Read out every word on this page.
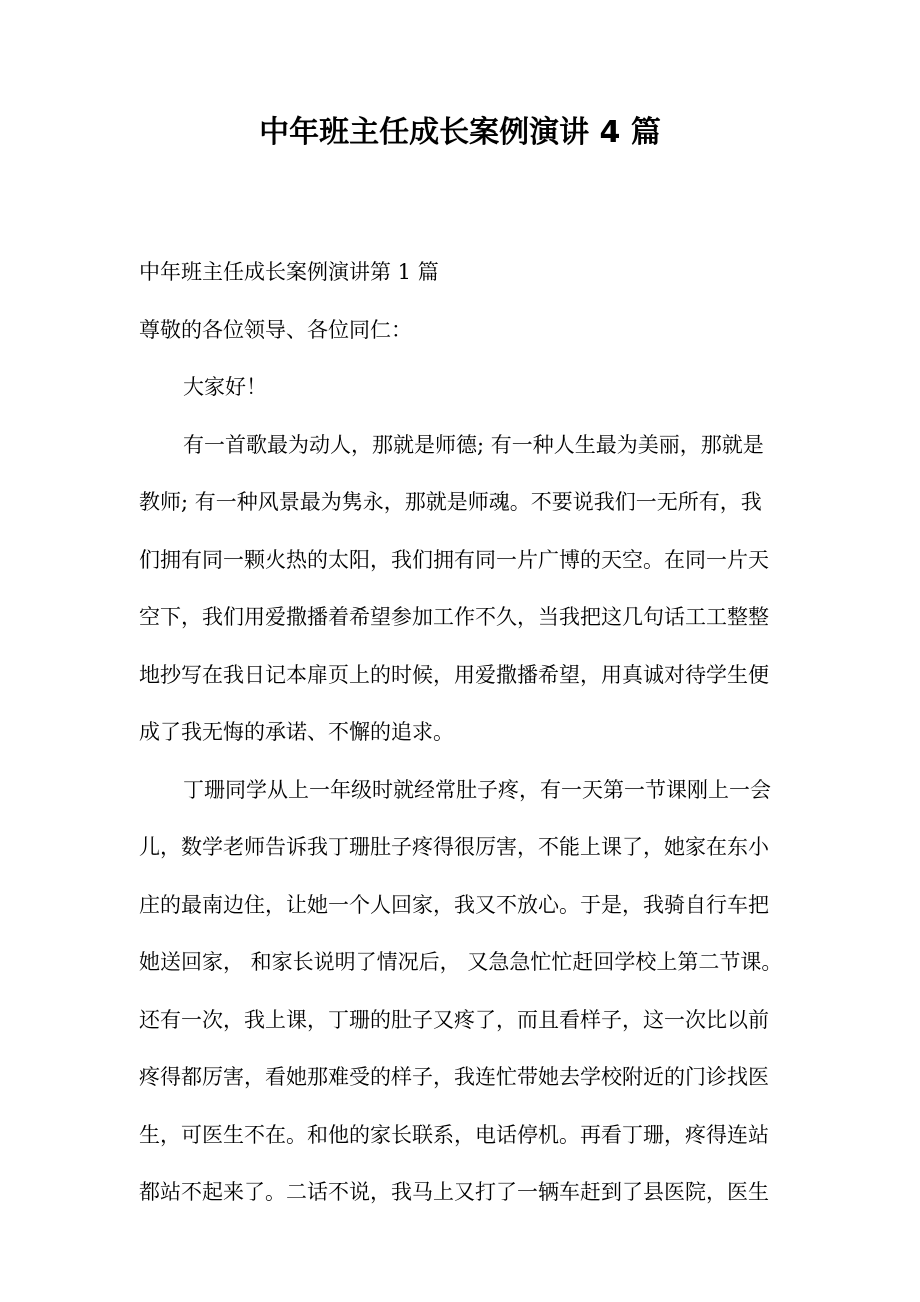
中年班主任成长案例演讲 4 篇
中年班主任成长案例演讲第 1 篇
尊敬的各位领导、各位同仁：
大家好！
有一首歌最为动人，那就是师德; 有一种人生最为美丽，那就是
教师; 有一种风景最为隽永，那就是师魂。不要说我们一无所有，我
们拥有同一颗火热的太阳，我们拥有同一片广博的天空。在同一片天
空下，我们用爱撒播着希望参加工作不久，当我把这几句话工工整整
地抄写在我日记本扉页上的时候，用爱撒播希望，用真诚对待学生便
成了我无悔的承诺、不懈的追求。
丁珊同学从上一年级时就经常肚子疼，有一天第一节课刚上一会
儿，数学老师告诉我丁珊肚子疼得很厉害，不能上课了，她家在东小
庄的最南边住，让她一个人回家，我又不放心。于是，我骑自行车把
她送回家， 和家长说明了情况后， 又急急忙忙赶回学校上第二节课。
还有一次，我上课，丁珊的肚子又疼了，而且看样子，这一次比以前
疼得都厉害，看她那难受的样子，我连忙带她去学校附近的门诊找医
生，可医生不在。和他的家长联系，电话停机。再看丁珊，疼得连站
都站不起来了。二话不说，我马上又打了一辆车赶到了县医院，医生
